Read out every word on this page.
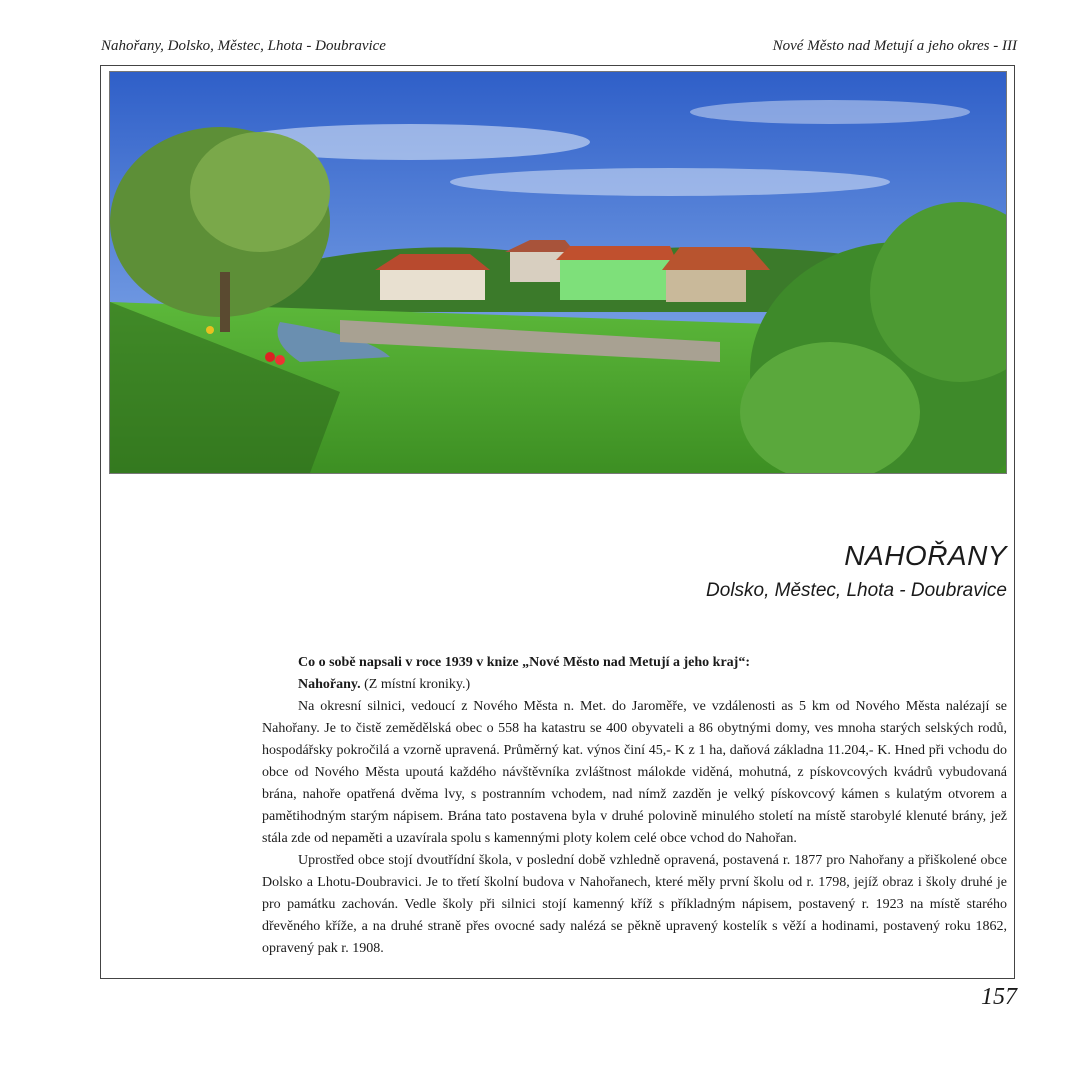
Nahořany, Dolsko, Městec, Lhota - Doubravice	Nové Město nad Metují a jeho okres - III
NAHOŘANY
Dolsko, Městec, Lhota - Doubravice

Co o sobě napsali v roce 1939 v knize „Nové Město nad Metují a jeho kraj“:

Nahořany. (Z místní kroniky.)

Na okresní silnici, vedoucí z Nového Města n. Met. do Jaroměře, ve vzdálenosti as 5 km od Nového Města nalézají se Nahořany. Je to čistě zemědělská obec o 558 ha katastru se 400 obyvateli a 86 obytnými domy, ves mnoha starých selských rodů, hospodářsky pokročilá a vzorně upravená. Průměrný kat. výnos činí 45,- K z 1 ha, daňová základna 11.204,- K. Hned při vchodu do obce od Nového Města upoutá každého návštěvníka zvláštnost málokde viděná, mohutná, z pískovcových kvádrů vybudovaná brána, nahoře opatřená dvěma lvy, s postranním vchodem, nad nímž zazděn je velký pískovcový kámen s kulatým otvorem a pamětihodným starým nápisem. Brána tato postavena byla v druhé polovině minulého století na místě starobylé klenuté brány, jež stála zde od nepaměti a uzavírala spolu s kamennými ploty kolem celé obce vchod do Nahořan.

Uprostřed obce stojí dvoutřídní škola, v poslední době vzhledně opravená, postavená r. 1877 pro Nahořany a přiškolené obce Dolsko a Lhotu-Doubravici. Je to třetí školní budova v Nahořanech, které měly první školu od r. 1798, jejíž obraz i školy druhé je pro památku zachován. Vedle školy při silnici stojí kamenný kříž s příkladným nápisem, postavený r. 1923 na místě starého dřevěného kříže, a na druhé straně přes ovocné sady nalézá se pěkně upravený kostelík s věží a hodinami, postavený roku 1862, opravený pak r. 1908.

157
